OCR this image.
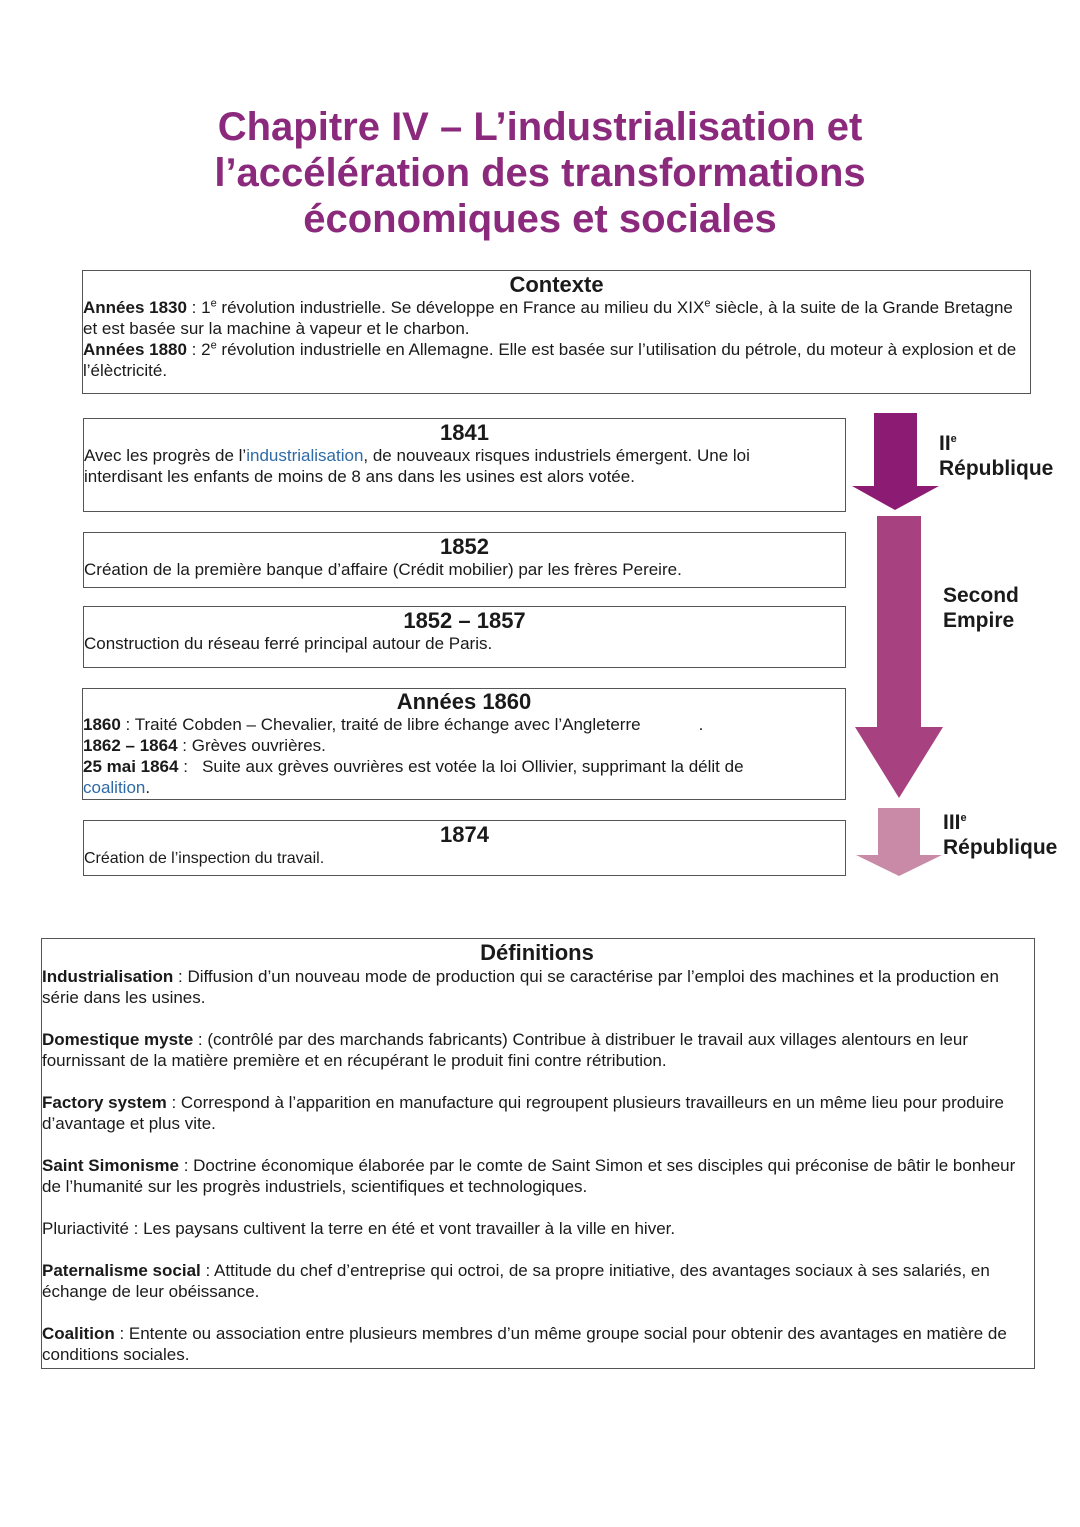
Chapitre IV – L’industrialisation et
l’accélération des transformations
économiques et sociales
Contexte
Années 1830 : 1e révolution industrielle. Se développe en France au milieu du XIXe siècle, à la suite de la Grande Bretagne et est basée sur la machine à vapeur et le charbon.
Années 1880 : 2e révolution industrielle en Allemagne. Elle est basée sur l’utilisation du pétrole, du moteur à explosion et de l’élèctricité.
1841
Avec les progrès de l’industrialisation, de nouveaux risques industriels émergent. Une loi interdisant les enfants de moins de 8 ans dans les usines est alors votée.
1852
Création de la première banque d’affaire (Crédit mobilier) par les frères Pereire.
1852 – 1857
Construction du réseau ferré principal autour de Paris.
Années 1860
1860 : Traité Cobden – Chevalier, traité de libre échange avec l’Angleterre	.
1862 – 1864 : Grèves ouvrières.
25 mai 1864 :   Suite aux grèves ouvrières est votée la loi Ollivier, supprimant la délit de coalition.
1874
Création de l’inspection du travail.
IIe
République
Second
Empire
IIIe
République
Définitions
Industrialisation : Diffusion d’un nouveau mode de production qui se caractérise par l’emploi des machines et la production en série dans les usines.
Domestique myste : (contrôlé par des marchands fabricants) Contribue à distribuer le travail aux villages alentours en leur fournissant de la matière première et en récupérant le produit fini contre rétribution.
Factory system : Correspond à l’apparition en manufacture qui regroupent plusieurs travailleurs en un même lieu pour produire d’avantage et plus vite.
Saint Simonisme : Doctrine économique élaborée par le comte de Saint Simon et ses disciples qui préconise de bâtir le bonheur de l’humanité sur les progrès industriels, scientifiques et technologiques.
Pluriactivité : Les paysans cultivent la terre en été et vont travailler à la ville en hiver.
Paternalisme social : Attitude du chef d’entreprise qui octroi, de sa propre initiative, des avantages sociaux à ses salariés, en échange de leur obéissance.
Coalition : Entente ou association entre plusieurs membres d’un même groupe social pour obtenir des avantages en matière de conditions sociales.
